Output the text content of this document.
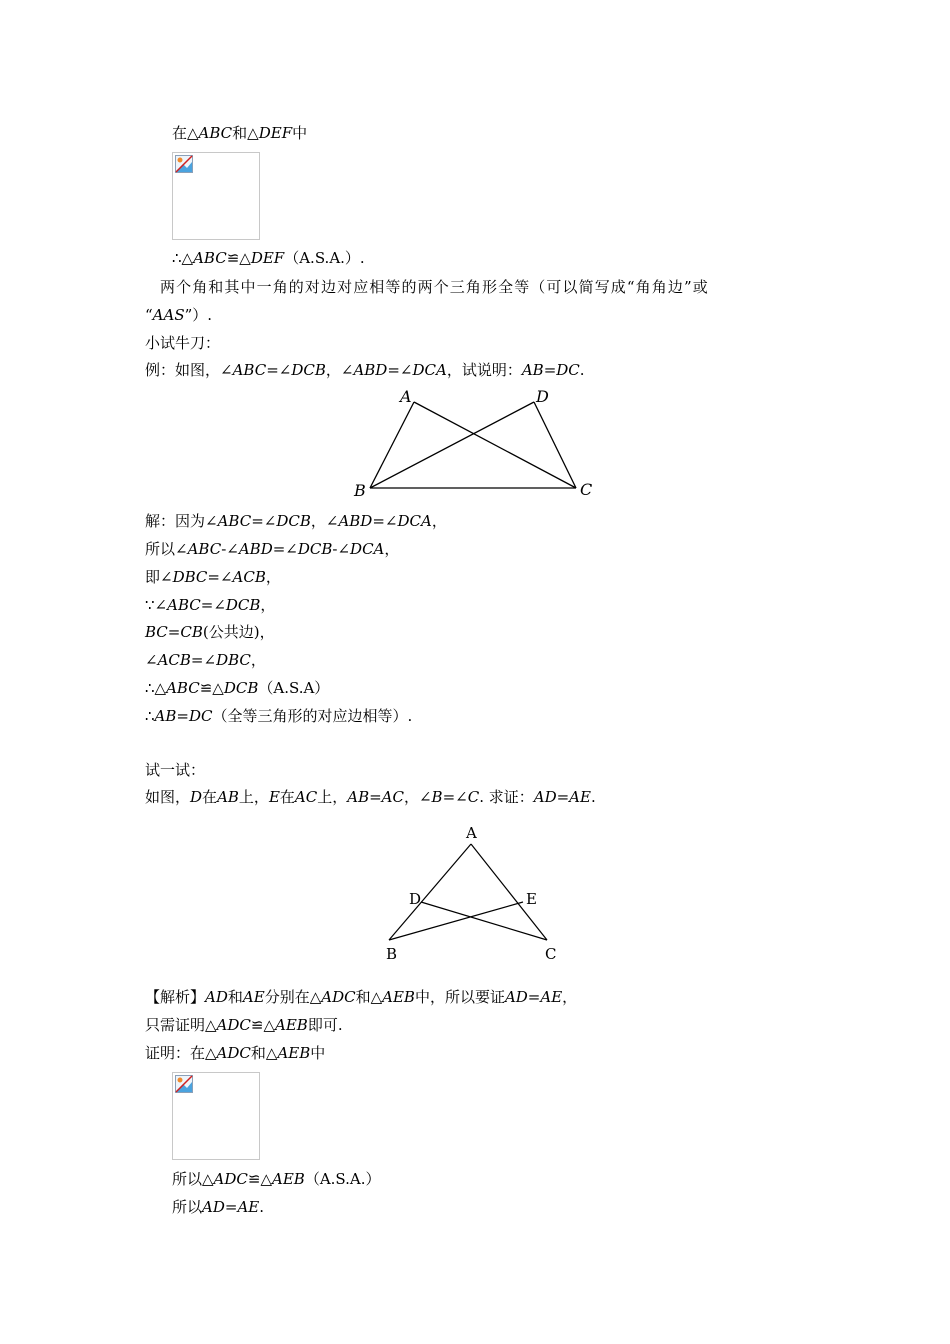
在△ABC和△DEF中
∴△ABC≌△DEF（A.S.A.）.
两个角和其中一角的对边对应相等的两个三角形全等（可以简写成“角角边”或
“AAS”）.
小试牛刀：
例：如图，∠ABC=∠DCB，∠ABD=∠DCA，试说明：AB=DC.
A	D
B	C
解：因为∠ABC=∠DCB，∠ABD=∠DCA，
所以∠ABC-∠ABD=∠DCB-∠DCA，
即∠DBC=∠ACB，
∵∠ABC=∠DCB，
BC=CB(公共边)，
∠ACB=∠DBC，
∴△ABC≌△DCB（A.S.A）
∴AB=DC（全等三角形的对应边相等）.
试一试：
如图，D在AB上，E在AC上，AB=AC，∠B=∠C. 求证：AD=AE.
A
D	E
B	C
【解析】AD和AE分别在△ADC和△AEB中，所以要证AD=AE，
只需证明△ADC≌△AEB即可.
证明：在△ADC和△AEB中
所以△ADC≌△AEB（A.S.A.）
所以AD=AE.
